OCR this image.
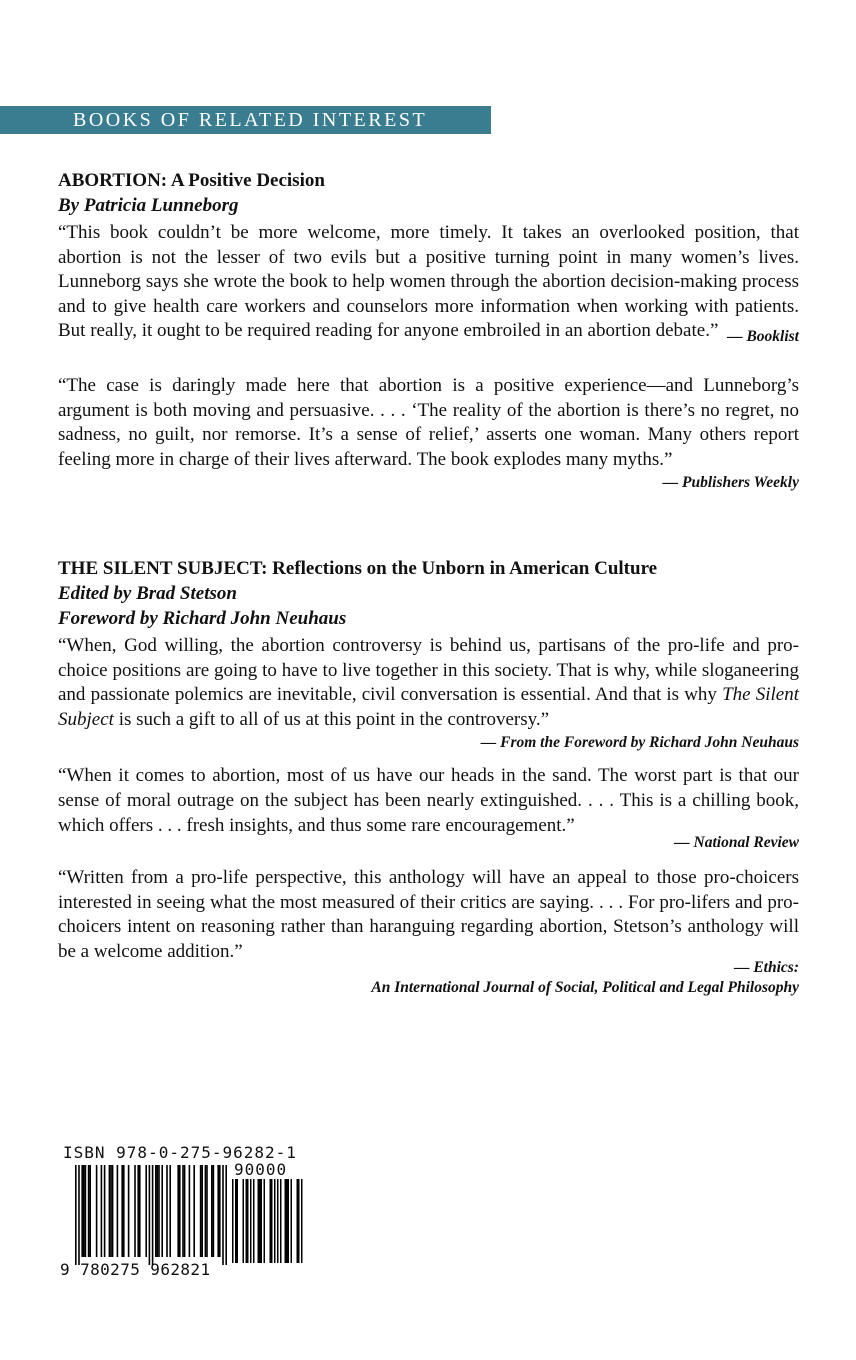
BOOKS OF RELATED INTEREST
ABORTION: A Positive Decision
By Patricia Lunneborg
“This book couldn’t be more welcome, more timely. It takes an overlooked position, that abortion is not the lesser of two evils but a positive turning point in many women’s lives. Lunneborg says she wrote the book to help women through the abortion decision-making process and to give health care workers and counselors more information when working with patients. But really, it ought to be required reading for anyone embroiled in an abortion debate.” — Booklist
“The case is daringly made here that abortion is a positive experience—and Lunneborg’s argument is both moving and persuasive. . . . ‘The reality of the abortion is there’s no regret, no sadness, no guilt, nor remorse. It’s a sense of relief,’ asserts one woman. Many others report feeling more in charge of their lives afterward. The book explodes many myths.”
— Publishers Weekly
THE SILENT SUBJECT: Reflections on the Unborn in American Culture
Edited by Brad Stetson
Foreword by Richard John Neuhaus
“When, God willing, the abortion controversy is behind us, partisans of the pro-life and pro-choice positions are going to have to live together in this society. That is why, while sloganeering and passionate polemics are inevitable, civil conversation is essential. And that is why The Silent Subject is such a gift to all of us at this point in the controversy.”
— From the Foreword by Richard John Neuhaus
“When it comes to abortion, most of us have our heads in the sand. The worst part is that our sense of moral outrage on the subject has been nearly extinguished. . . . This is a chilling book, which offers . . . fresh insights, and thus some rare encouragement.”
— National Review
“Written from a pro-life perspective, this anthology will have an appeal to those pro-choicers interested in seeing what the most measured of their critics are saying. . . . For pro-lifers and pro-choicers intent on reasoning rather than haranguing regarding abortion, Stetson’s anthology will be a welcome addition.”
— Ethics:
An International Journal of Social, Political and Legal Philosophy
ISBN 978-0-275-96282-1
90000
9 780275 962821
